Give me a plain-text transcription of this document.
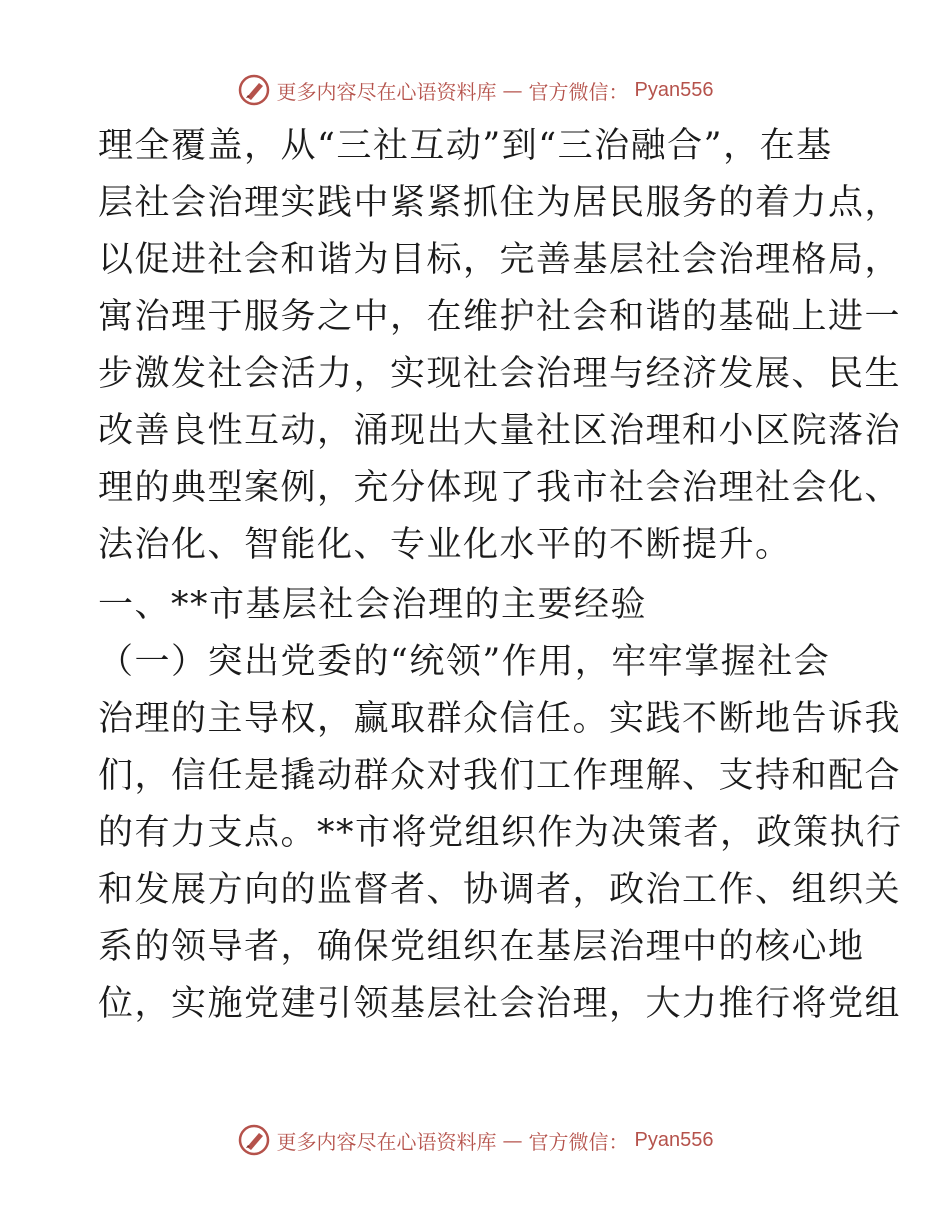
更多内容尽在心语资料库 — 官方微信： Pyan556
理全覆盖，从“三社互动”到“三治融合”，在基
层社会治理实践中紧紧抓住为居民服务的着力点，
以促进社会和谐为目标，完善基层社会治理格局，
寓治理于服务之中，在维护社会和谐的基础上进一
步激发社会活力，实现社会治理与经济发展、民生
改善良性互动，涌现出大量社区治理和小区院落治
理的典型案例，充分体现了我市社会治理社会化、
法治化、智能化、专业化水平的不断提升。
一、**市基层社会治理的主要经验
（一）突出党委的“统领”作用，牢牢掌握社会
治理的主导权，赢取群众信任。实践不断地告诉我
们，信任是撬动群众对我们工作理解、支持和配合
的有力支点。**市将党组织作为决策者，政策执行
和发展方向的监督者、协调者，政治工作、组织关
系的领导者，确保党组织在基层治理中的核心地
位，实施党建引领基层社会治理，大力推行将党组
更多内容尽在心语资料库 — 官方微信： Pyan556
